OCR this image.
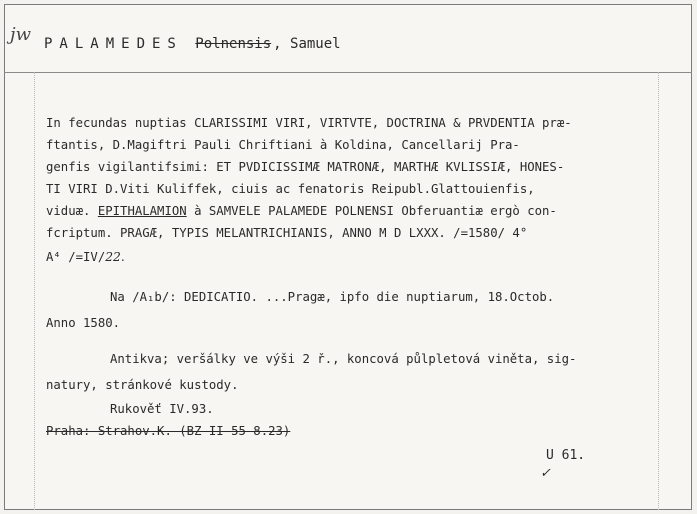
jw PALAMEDES Polnensis , Samuel
In fecundas nuptias CLARISSIMI VIRI, VIRTVTE, DOCTRINA & PRVDENTIA præ-
ftantis, D.Magiftri Pauli Chriftiani à Koldina, Cancellarij Pra-
genfis vigilantifsimi: ET PVDICISSIMÆ MATRONÆ, MARTHÆ KVLISSIÆ, HONES-
TI VIRI D.Viti Kuliffek, ciuis ac fenatoris Reipubl.Glattouienfis,
viduæ. EPITHALAMION à SAMVELE PALAMEDE POLNENSI Obferuantiæ ergò con-
fcriptum. PRAGÆ, TYPIS MELANTRICHIANIS, ANNO M D LXXX. /=1580/ 4°
A⁴ /=IV/22.
Na /A₁b/: DEDICATIO. ...Pragæ, ipfo die nuptiarum, 18.Octob.
Anno 1580.
Antikva; veršálky ve výši 2 ř., koncová půlpletová viněta, sig-
natury, stránkové kustody.
Rukověť IV.93.
Praha: Strahov.K. (BZ-II-55-8.23)
U 61.
✓
